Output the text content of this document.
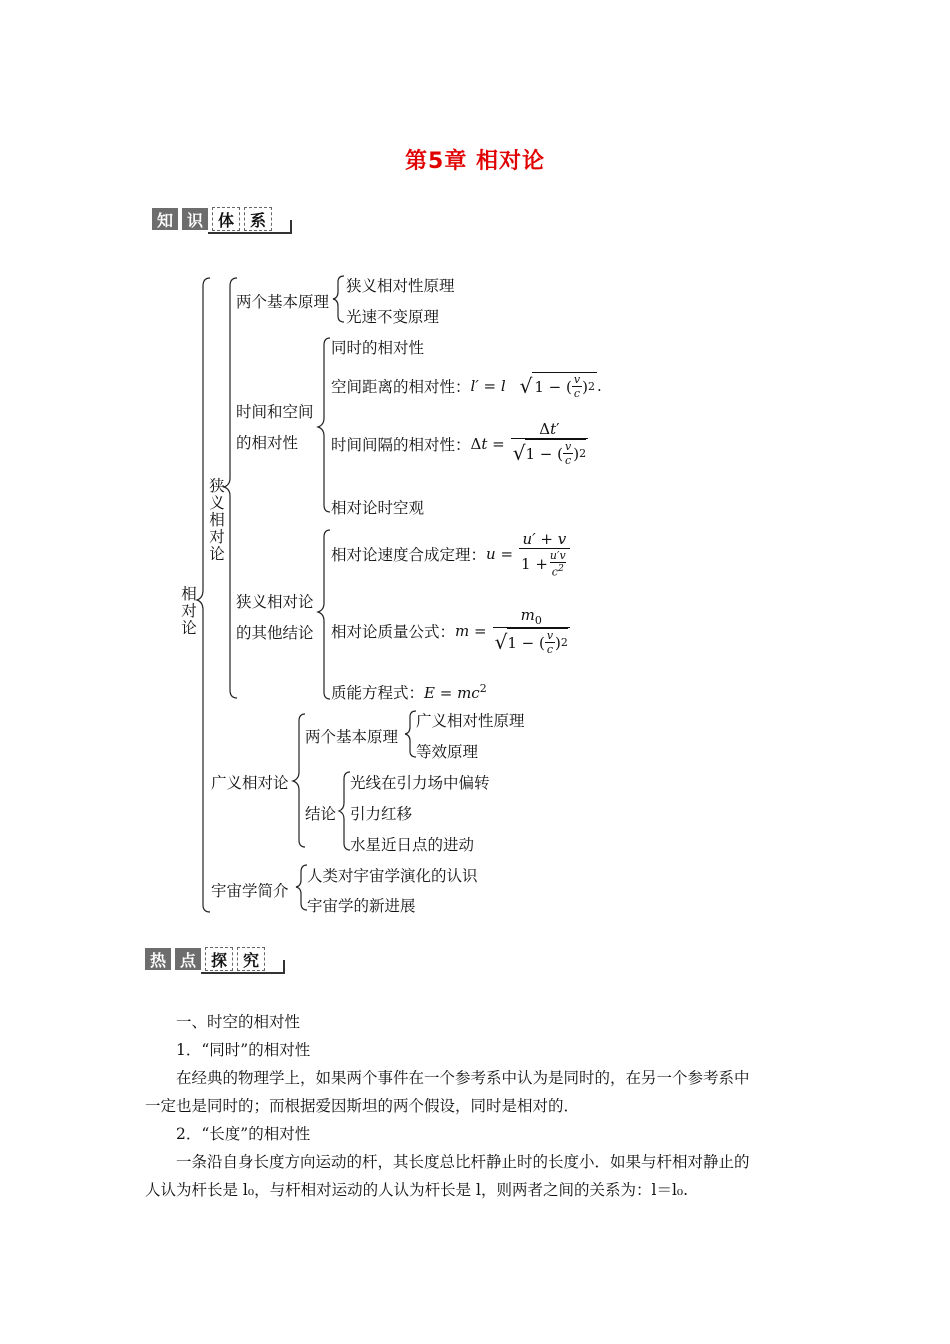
第5章 相对论
知 识 体 系
相对论
狭义相对论
两个基本原理
狭义相对性原理
光速不变原理
时间和空间
的相对性
同时的相对性
空间距离的相对性： l′ = l √ 1 − ( $\frac{v}{c}$ ) 2 .
时间间隔的相对性： $\Delta t = \frac{\Delta t'}{√ 1 - ( \frac{v}{c} ) 2}$
相对论时空观
狭义相对论
的其他结论
相对论速度合成定理： $u = \frac{u' + v}{1 + \frac{u'v}{c^2}}$
相对论质量公式： $m = \frac{m_0}{√ 1 - ( \frac{v}{c} ) 2}$
质能方程式： $E = mc^2$
广义相对论
两个基本原理
广义相对性原理
等效原理
结论
光线在引力场中偏转
引力红移
水星近日点的进动
宇宙学简介
人类对宇宙学演化的认识
宇宙学的新进展
热 点 探 究
一、时空的相对性
1．“同时”的相对性
在经典的物理学上，如果两个事件在一个参考系中认为是同时的，在另一个参考系中
一定也是同时的；而根据爱因斯坦的两个假设，同时是相对的．
2．“长度”的相对性
一条沿自身长度方向运动的杆，其长度总比杆静止时的长度小．如果与杆相对静止的
人认为杆长是 l₀，与杆相对运动的人认为杆长是 l，则两者之间的关系为：l＝l₀.
